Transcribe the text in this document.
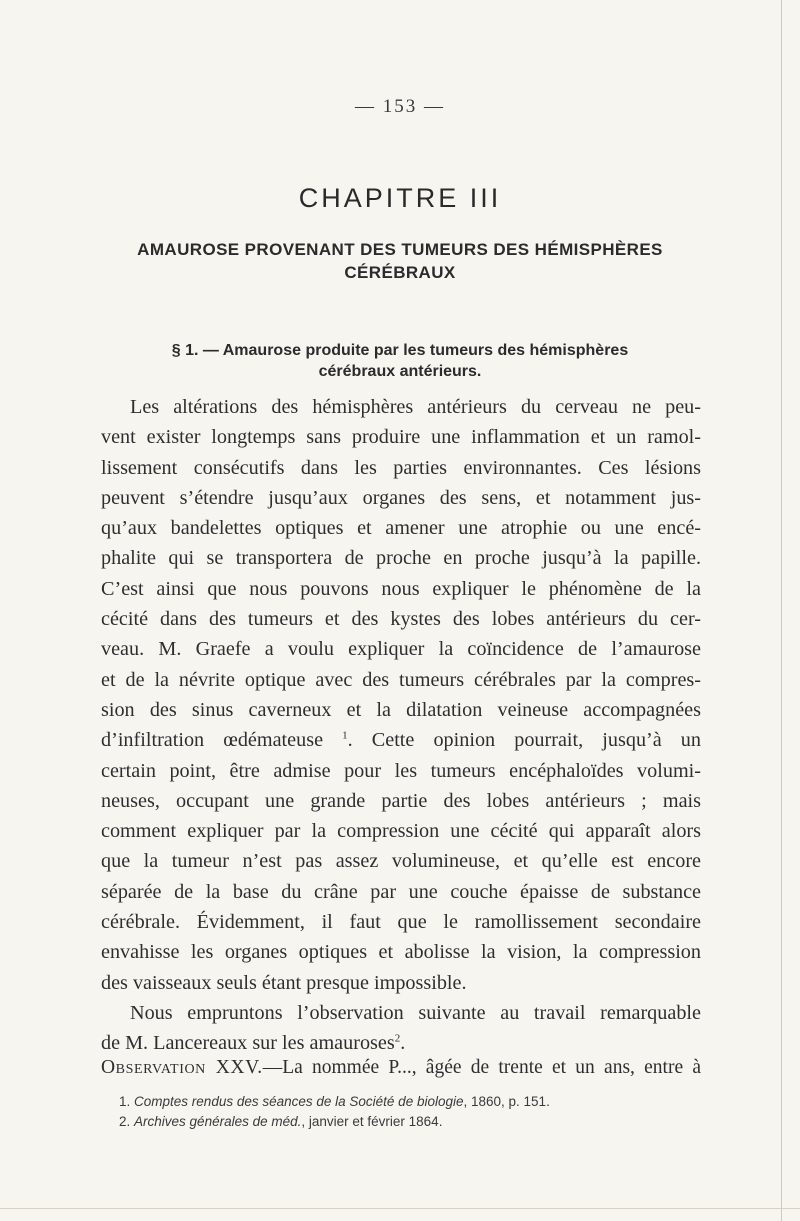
— 153 —
CHAPITRE III
AMAUROSE PROVENANT DES TUMEURS DES HÉMISPHÈRES
CÉRÉBRAUX
§ 1. — Amaurose produite par les tumeurs des hémisphères
cérébraux antérieurs.

Les altérations des hémisphères antérieurs du cerveau ne peu-

vent exister longtemps sans produire une inflammation et un ramol-

lissement consécutifs dans les parties environnantes. Ces lésions

peuvent s’étendre jusqu’aux organes des sens, et notamment jus-

qu’aux bandelettes optiques et amener une atrophie ou une encé-

phalite qui se transportera de proche en proche jusqu’à la papille.

C’est ainsi que nous pouvons nous expliquer le phénomène de la

cécité dans des tumeurs et des kystes des lobes antérieurs du cer-

veau. M. Graefe a voulu expliquer la coïncidence de l’amaurose

et de la névrite optique avec des tumeurs cérébrales par la compres-

sion des sinus caverneux et la dilatation veineuse accompagnées

d’infiltration œdémateuse $^1$. Cette opinion pourrait, jusqu’à un

certain point, être admise pour les tumeurs encéphaloïdes volumi-

neuses, occupant une grande partie des lobes antérieurs ; mais

comment expliquer par la compression une cécité qui apparaît alors

que la tumeur n’est pas assez volumineuse, et qu’elle est encore

séparée de la base du crâne par une couche épaisse de substance

cérébrale. Évidemment, il faut que le ramollissement secondaire

envahisse les organes optiques et abolisse la vision, la compression

des vaisseaux seuls étant presque impossible.

Nous empruntons l’observation suivante au travail remarquable

de M. Lancereaux sur les amauroses$^2$.

Observation XXV.—La nommée P..., âgée de trente et un ans, entre à
1. Comptes rendus des séances de la Société de biologie, 1860, p. 151.
2. Archives générales de méd., janvier et février 1864.
